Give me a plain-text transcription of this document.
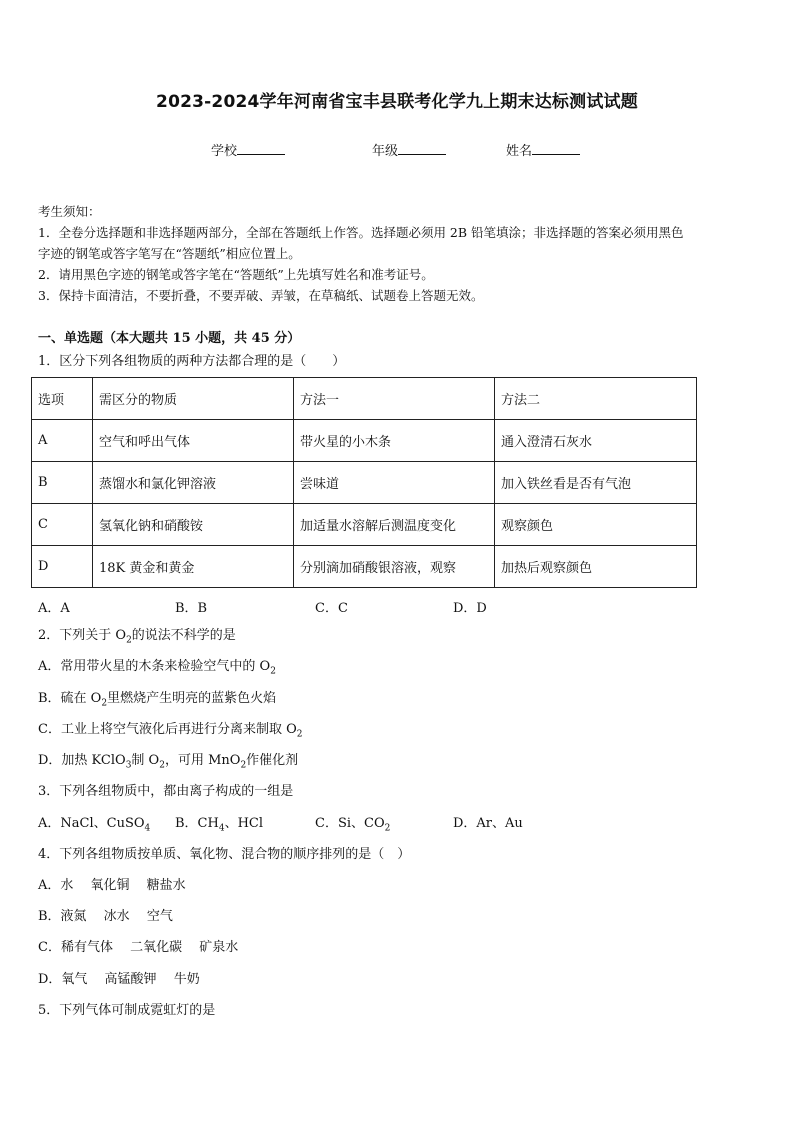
2023-2024学年河南省宝丰县联考化学九上期末达标测试试题
学校	年级	姓名
考生须知：
1．全卷分选择题和非选择题两部分，全部在答题纸上作答。选择题必须用 2B 铅笔填涂；非选择题的答案必须用黑色
字迹的钢笔或答字笔写在“答题纸”相应位置上。
2．请用黑色字迹的钢笔或答字笔在“答题纸”上先填写姓名和准考证号。
3．保持卡面清洁，不要折叠，不要弄破、弄皱，在草稿纸、试题卷上答题无效。
一、单选题（本大题共 15 小题，共 45 分）
1．区分下列各组物质的两种方法都合理的是（　　）
选项	需区分的物质	方法一	方法二
A	空气和呼出气体	带火星的小木条	通入澄清石灰水
B	蒸馏水和氯化钾溶液	尝味道	加入铁丝看是否有气泡
C	氢氧化钠和硝酸铵	加适量水溶解后测温度变化	观察颜色
D	18K 黄金和黄金	分别滴加硝酸银溶液，观察	加热后观察颜色
A．A	B．B	C．C	D．D
2．下列关于 $O_2$的说法不科学的是
A．常用带火星的木条来检验空气中的 $O_2$
B．硫在 $O_2$里燃烧产生明亮的蓝紫色火焰
C．工业上将空气液化后再进行分离来制取 $O_2$
D．加热 KClO$_3$制 $O_2$，可用 MnO$_2$作催化剂
3．下列各组物质中，都由离子构成的一组是
A．NaCl、CuSO$_4$ B．$CH_4$、HCl	C．Si、$CO_2$	D．Ar、Au
4．下列各组物质按单质、氧化物、混合物的顺序排列的是（　）
A．水　 氧化铜　 糖盐水
B．液氮　 冰水　 空气
C．稀有气体　 二氧化碳　 矿泉水
D．氧气　 高锰酸钾　 牛奶
5．下列气体可制成霓虹灯的是
